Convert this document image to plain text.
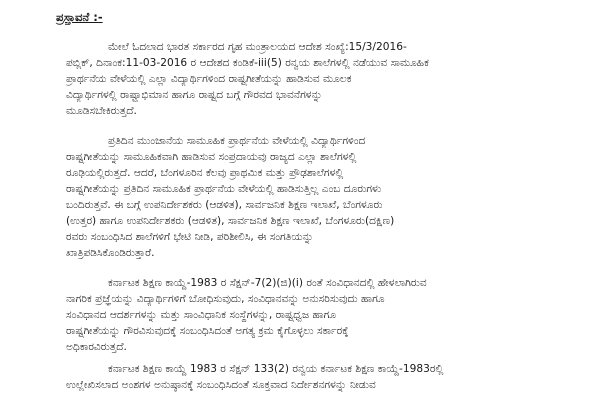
ಪ್ರಸ್ತಾವನೆ :-
ಮೇಲೆ ಓದಲಾದ ಭಾರತ ಸರ್ಕಾರದ ಗೃಹ ಮಂತ್ರಾಲಯದ ಆದೇಶ ಸಂಖ್ಯೆ:15/3/2016-
ಪಬ್ಲಿಕ್, ದಿನಾಂಕ:11-03-2016 ರ ಆದೇಶದ ಕಂಡಿಕೆ-iii(5) ರನ್ವಯ ಶಾಲೆಗಳಲ್ಲಿ ನಡೆಯುವ ಸಾಮೂಹಿಕ
ಪ್ರಾರ್ಥನೆಯ ವೇಳೆಯಲ್ಲಿ ಎಲ್ಲಾ ವಿದ್ಯಾರ್ಥಿಗಳಿಂದ ರಾಷ್ಟ್ರಗೀತೆಯನ್ನು ಹಾಡಿಸುವ ಮೂಲಕ
ವಿದ್ಯಾರ್ಥಿಗಳಲ್ಲಿ ರಾಷ್ಟ್ರಾಭಿಮಾನ ಹಾಗೂ ರಾಷ್ಟ್ರದ ಬಗ್ಗೆ ಗೌರವದ ಭಾವನೆಗಳನ್ನು
ಮೂಡಿಸಬೇಕಿರುತ್ತದೆ.
ಪ್ರತಿದಿನ ಮುಂಜಾನೆಯ ಸಾಮೂಹಿಕ ಪ್ರಾರ್ಥನೆಯ ವೇಳೆಯಲ್ಲಿ ವಿದ್ಯಾರ್ಥಿಗಳಿಂದ
ರಾಷ್ಟ್ರಗೀತೆಯನ್ನು ಸಾಮೂಹಿಕವಾಗಿ ಹಾಡಿಸುವ ಸಂಪ್ರದಾಯವು ರಾಜ್ಯದ ಎಲ್ಲಾ ಶಾಲೆಗಳಲ್ಲಿ
ರೂಢಿಯಲ್ಲಿರುತ್ತದೆ. ಆದರೆ, ಬೆಂಗಳೂರಿನ ಕೆಲವು ಪ್ರಾಥಮಿಕ ಮತ್ತು ಪ್ರೌಢಶಾಲೆಗಳಲ್ಲಿ
ರಾಷ್ಟ್ರಗೀತೆಯನ್ನು ಪ್ರತಿದಿನ ಸಾಮೂಹಿಕ ಪ್ರಾರ್ಥನೆಯ ವೇಳೆಯಲ್ಲಿ ಹಾಡಿಸುತ್ತಿಲ್ಲ ಎಂಬ ದೂರುಗಳು
ಬಂದಿರುತ್ತವೆ. ಈ ಬಗ್ಗೆ ಉಪನಿರ್ದೇಶಕರು (ಆಡಳಿತ), ಸಾರ್ವಜನಿಕ ಶಿಕ್ಷಣ ಇಲಾಖೆ, ಬೆಂಗಳೂರು
(ಉತ್ತರ) ಹಾಗೂ ಉಪನಿರ್ದೇಶಕರು (ಆಡಳಿತ), ಸಾರ್ವಜನಿಕ ಶಿಕ್ಷಣ ಇಲಾಖೆ, ಬೆಂಗಳೂರು(ದಕ್ಷಿಣ)
ರವರು ಸಂಬಂಧಿಸಿದ ಶಾಲೆಗಳಿಗೆ ಭೇಟಿ ನೀಡಿ, ಪರಿಶೀಲಿಸಿ, ಈ ಸಂಗತಿಯನ್ನು
ಖಾತ್ರಿಪಡಿಸಿಕೊಂಡಿರುತ್ತಾರೆ.
ಕರ್ನಾಟಕ ಶಿಕ್ಷಣ ಕಾಯ್ದೆ-1983 ರ ಸೆಕ್ಷನ್-7(2)(ಜಿ)(i) ರಂತೆ ಸಂವಿಧಾನದಲ್ಲಿ ಹೇಳಲಾಗಿರುವ
ನಾಗರಿಕ ಪ್ರಜ್ಞೆಯನ್ನು ವಿದ್ಯಾರ್ಥಿಗಳಿಗೆ ಬೋಧಿಸುವುದು, ಸಂವಿಧಾನವನ್ನು ಅನುಸರಿಸುವುದು ಹಾಗೂ
ಸಂವಿಧಾನದ ಆದರ್ಶಗಳನ್ನು ಮತ್ತು ಸಾಂವಿಧಾನಿಕ ಸಂಸ್ಥೆಗಳನ್ನು, ರಾಷ್ಟ್ರಧ್ವಜ ಹಾಗೂ
ರಾಷ್ಟ್ರಗೀತೆಯನ್ನು ಗೌರವಿಸುವುದಕ್ಕೆ ಸಂಬಂಧಿಸಿದಂತೆ ಅಗತ್ಯ ಕ್ರಮ ಕೈಗೊಳ್ಳಲು ಸರ್ಕಾರಕ್ಕೆ
ಅಧಿಕಾರವಿರುತ್ತದೆ.
ಕರ್ನಾಟಕ ಶಿಕ್ಷಣ ಕಾಯ್ದೆ 1983 ರ ಸೆಕ್ಷನ್ 133(2) ರನ್ವಯ ಕರ್ನಾಟಕ ಶಿಕ್ಷಣ ಕಾಯ್ದೆ-1983ರಲ್ಲಿ
ಉಲ್ಲೇಖಿಸಲಾದ ಅಂಶಗಳ ಅನುಷ್ಠಾನಕ್ಕೆ ಸಂಬಂಧಿಸಿದಂತೆ ಸೂಕ್ತವಾದ ನಿರ್ದೇಶನಗಳನ್ನು ನೀಡುವ
